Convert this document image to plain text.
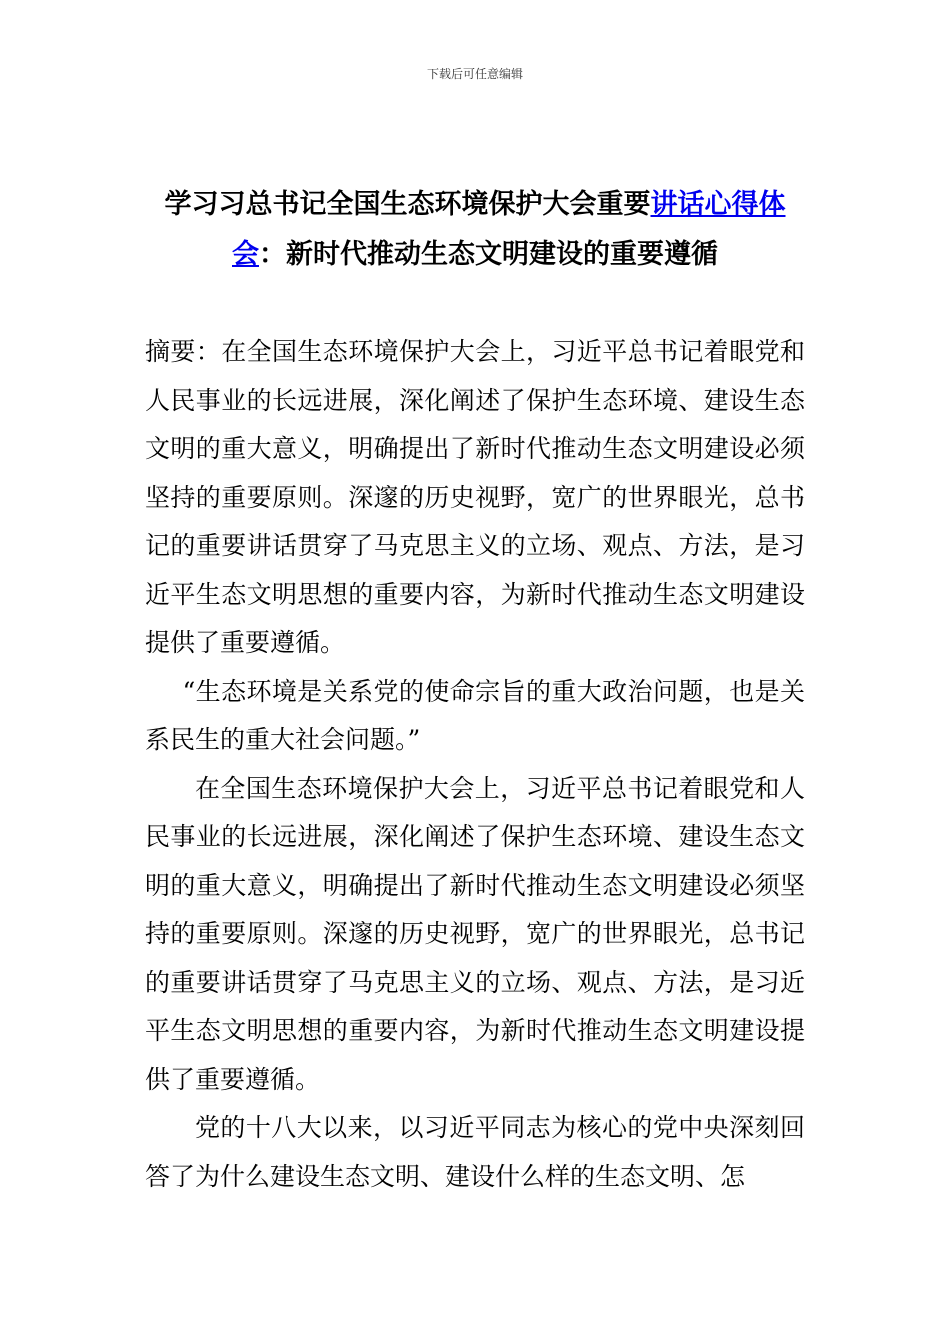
下载后可任意编辑
学习习总书记全国生态环境保护大会重要讲话心得体会：新时代推动生态文明建设的重要遵循

摘要：在全国生态环境保护大会上，习近平总书记着眼党和人民事业的长远进展，深化阐述了保护生态环境、建设生态文明的重大意义，明确提出了新时代推动生态文明建设必须坚持的重要原则。深邃的历史视野，宽广的世界眼光，总书记的重要讲话贯穿了马克思主义的立场、观点、方法，是习近平生态文明思想的重要内容，为新时代推动生态文明建设提供了重要遵循。

“生态环境是关系党的使命宗旨的重大政治问题，也是关系民生的重大社会问题。”

在全国生态环境保护大会上，习近平总书记着眼党和人民事业的长远进展，深化阐述了保护生态环境、建设生态文明的重大意义，明确提出了新时代推动生态文明建设必须坚持的重要原则。深邃的历史视野，宽广的世界眼光，总书记的重要讲话贯穿了马克思主义的立场、观点、方法，是习近平生态文明思想的重要内容，为新时代推动生态文明建设提供了重要遵循。

党的十八大以来，以习近平同志为核心的党中央深刻回答了为什么建设生态文明、建设什么样的生态文明、怎
